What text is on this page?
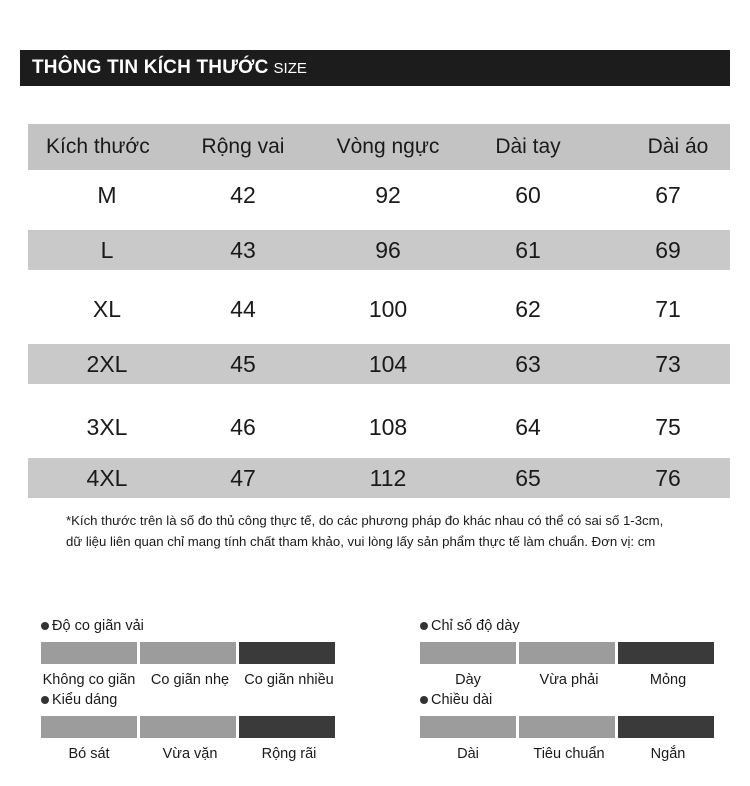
THÔNG TIN KÍCH THƯỚC SIZE
Kích thước	Rộng vai	Vòng ngực	Dài tay	Dài áo
M	42	92	60	67
L	43	96	61	69
XL	44	100	62	71
2XL	45	104	63	73
3XL	46	108	64	75
4XL	47	112	65	76
*Kích thước trên là số đo thủ công thực tế, do các phương pháp đo khác nhau có thể có sai số 1-3cm,
dữ liệu liên quan chỉ mang tính chất tham khảo, vui lòng lấy sản phẩm thực tế làm chuẩn. Đơn vị: cm
Độ co giãn vải
Không co giãn	Co giãn nhẹ	Co giãn nhiều
Kiểu dáng
Bó sát	Vừa vặn	Rộng rãi
Chỉ số độ dày
Dày	Vừa phải	Mỏng
Chiều dài
Dài	Tiêu chuẩn	Ngắn
